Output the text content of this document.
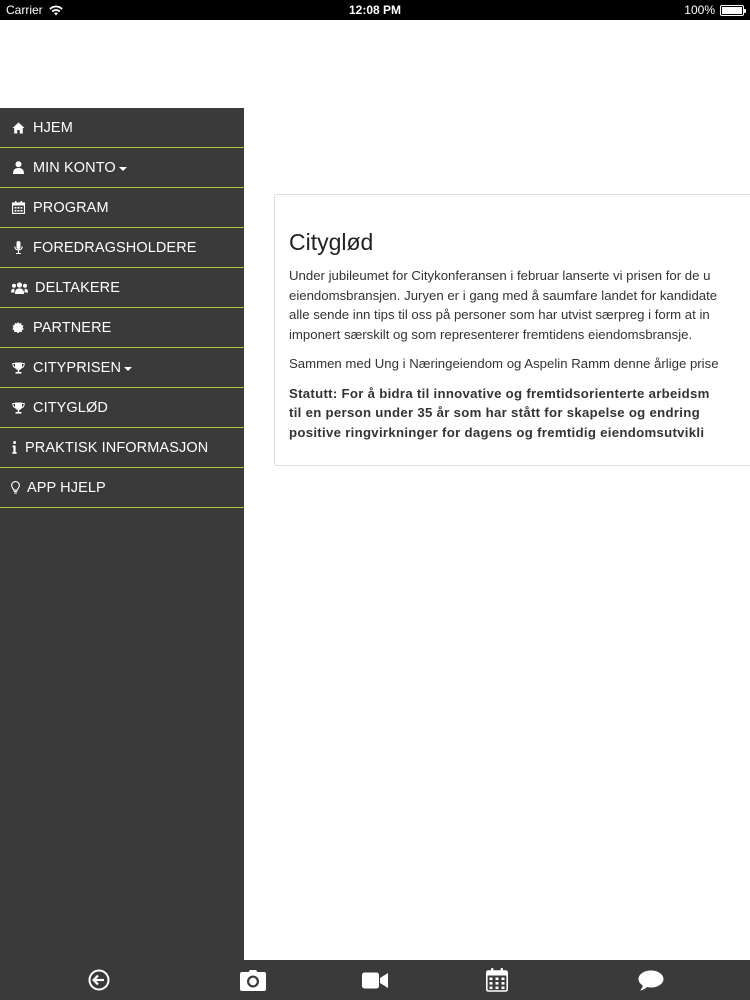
Carrier	12:08 PM	100%
HJEM
MIN KONTO
PROGRAM
FOREDRAGSHOLDERE
DELTAKERE
PARTNERE
CITYPRISEN
CITYGLØD
PRAKTISK INFORMASJON
APP HJELP
Cityglød
Under jubileumet for Citykonferansen i februar lanserte vi prisen for de u
eiendomsbransjen. Juryen er i gang med å saumfare landet for kandidate
alle sende inn tips til oss på personer som har utvist særpreg i form at in
imponert særskilt og som representerer fremtidens eiendomsbransje.
Sammen med Ung i Næringeiendom og Aspelin Ramm denne årlige prise
Statutt: For å bidra til innovative og fremtidsorienterte arbeidsm
til en person under 35 år som har stått for skapelse og endring
positive ringvirkninger for dagens og fremtidig eiendomsutvikli
